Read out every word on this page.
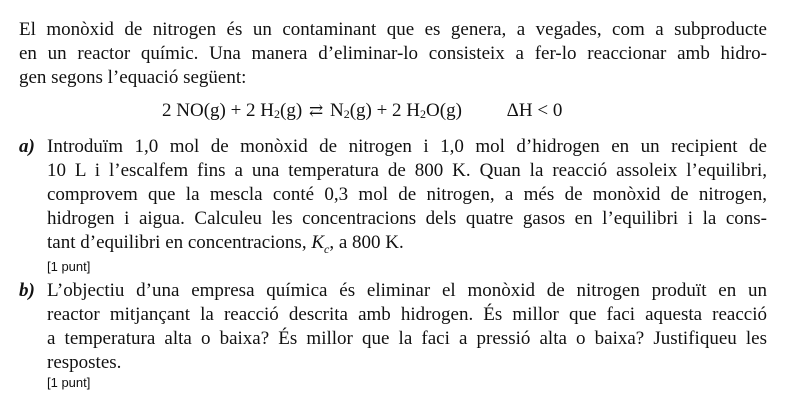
El monòxid de nitrogen és un contaminant que es genera, a vegades, com a subproducte
en un reactor químic. Una manera d’eliminar-lo consisteix a fer-lo reaccionar amb hidro-
gen segons l’equació següent:
2 NO(g) + 2 $H_2(g)$ ⇄ $N_2(g) + 2$ $H_2O(g) \Delta H < 0$
a) Introduïm 1,0 mol de monòxid de nitrogen i 1,0 mol d’hidrogen en un recipient de
10 L i l’escalfem fins a una temperatura de 800 K. Quan la reacció assoleix l’equilibri,
comprovem que la mescla conté 0,3 mol de nitrogen, a més de monòxid de nitrogen,
hidrogen i aigua. Calculeu les concentracions dels quatre gasos en l’equilibri i la cons-
tant d’equilibri en concentracions, $K_c$, a 800 K.
[1 punt]
b) L’objectiu d’una empresa química és eliminar el monòxid de nitrogen produït en un
reactor mitjançant la reacció descrita amb hidrogen. És millor que faci aquesta reacció
a temperatura alta o baixa? És millor que la faci a pressió alta o baixa? Justifiqueu les
respostes.
[1 punt]
